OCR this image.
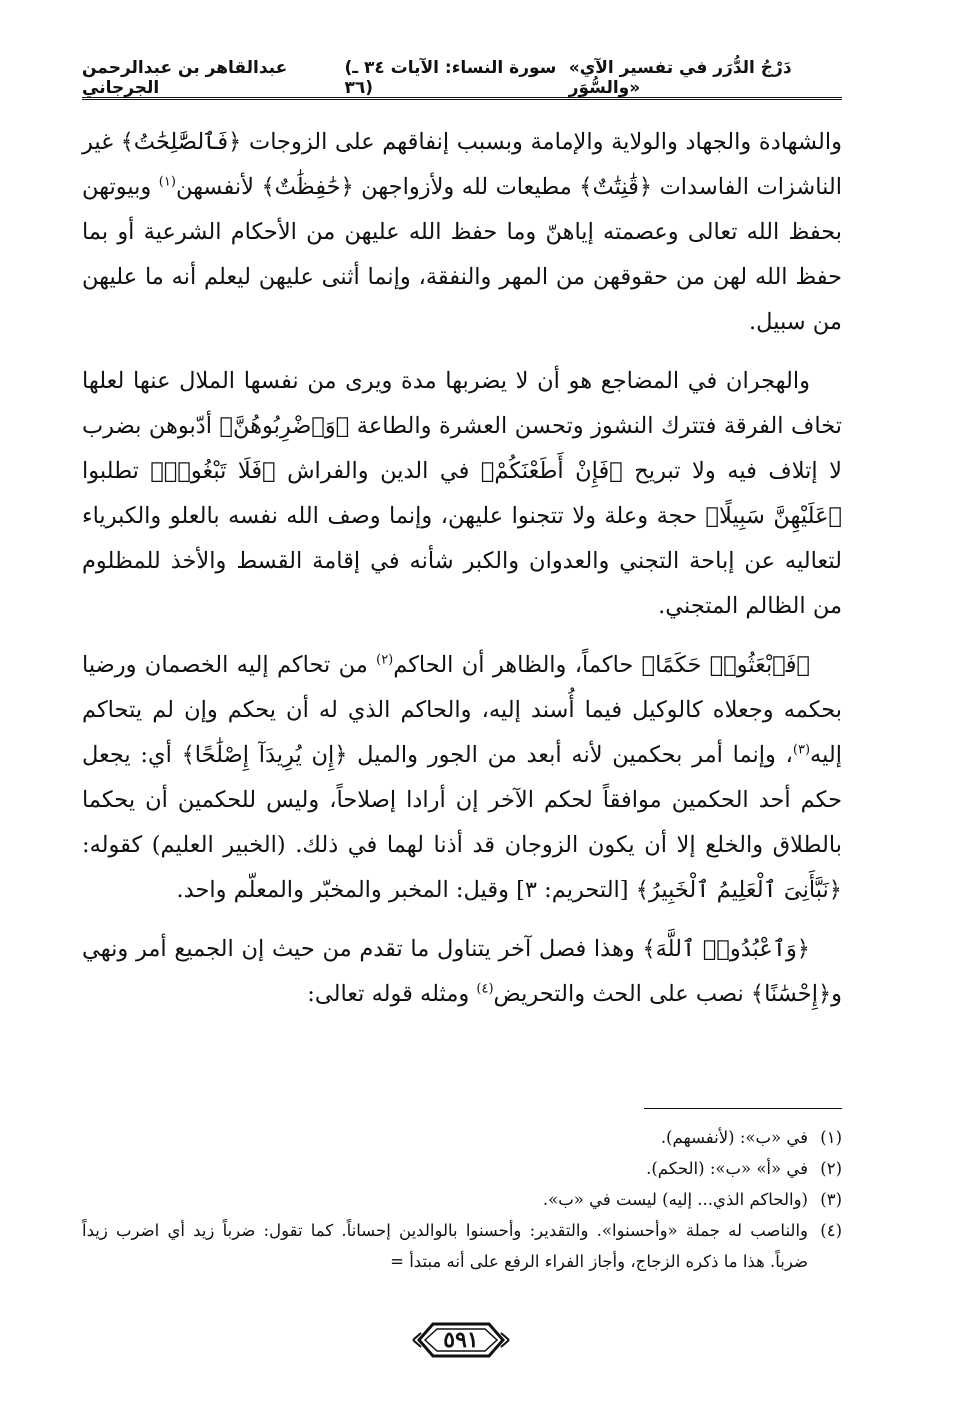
«دَرْجُ الدُّرَر في تفسير الآي والسُّوَر»
(سورة النساء: الآيات ٣٤ ـ ٣٦)
عبدالقاهر بن عبدالرحمن الجرجاني

والشهادة والجهاد والولاية والإمامة وبسبب إنفاقهم على الزوجات ﴿فَٱلصَّٰلِحَٰتُ﴾ غير الناشزات الفاسدات ﴿قَٰنِتَٰتٌ﴾ مطيعات لله ولأزواجهن ﴿حَٰفِظَٰتٌ﴾ لأنفسهن$^{(١)}$ وبيوتهن بحفظ الله تعالى وعصمته إياهنّ وما حفظ الله عليهن من الأحكام الشرعية أو بما حفظ الله لهن من حقوقهن من المهر والنفقة، وإنما أثنى عليهن ليعلم أنه ما عليهن من سبيل.

والهجران في المضاجع هو أن لا يضربها مدة ويرى من نفسها الملال عنها لعلها تخاف الفرقة فتترك النشوز وتحسن العشرة والطاعة ﴿وَٱضْرِبُوهُنَّ﴾ أدّبوهن بضرب لا إتلاف فيه ولا تبريح ﴿فَإِنْ أَطَعْنَكُمْ﴾ في الدين والفراش ﴿فَلَا تَبْغُوا۟﴾ تطلبوا ﴿عَلَيْهِنَّ سَبِيلًا﴾ حجة وعلة ولا تتجنوا عليهن، وإنما وصف الله نفسه بالعلو والكبرياء لتعاليه عن إباحة التجني والعدوان والكبر شأنه في إقامة القسط والأخذ للمظلوم من الظالم المتجني.

﴿فَٱبْعَثُوا۟ حَكَمًا﴾ حاكماً، والظاهر أن الحاكم$^{(٢)}$ من تحاكم إليه الخصمان ورضيا بحكمه وجعلاه كالوكيل فيما أُسند إليه، والحاكم الذي له أن يحكم وإن لم يتحاكم إليه$^{(٣)}$، وإنما أمر بحكمين لأنه أبعد من الجور والميل ﴿إِن يُرِيدَآ إِصْلَٰحًا﴾ أي: يجعل حكم أحد الحكمين موافقاً لحكم الآخر إن أرادا إصلاحاً، وليس للحكمين أن يحكما بالطلاق والخلع إلا أن يكون الزوجان قد أذنا لهما في ذلك. (الخبير العليم) كقوله: ﴿نَبَّأَنِىَ ٱلْعَلِيمُ ٱلْخَبِيرُ﴾ [التحريم: ٣] وقيل: المخبر والمخبّر والمعلّم واحد.

﴿وَٱعْبُدُوا۟ ٱللَّهَ﴾ وهذا فصل آخر يتناول ما تقدم من حيث إن الجميع أمر ونهي و﴿إِحْسَٰنًا﴾ نصب على الحث والتحريض$^{(٤)}$ ومثله قوله تعالى:

(١)
في «ب»: (لأنفسهم).
(٢)
في «أ» «ب»: (الحكم).
(٣)
(والحاكم الذي... إليه) ليست في «ب».
(٤)
والناصب له جملة «وأحسنوا». والتقدير: وأحسنوا بالوالدين إحساناً. كما تقول: ضرباً زيد أي اضرب زيداً ضرباً. هذا ما ذكره الزجاج، وأجاز الفراء الرفع على أنه مبتدأ =
٥٩١
